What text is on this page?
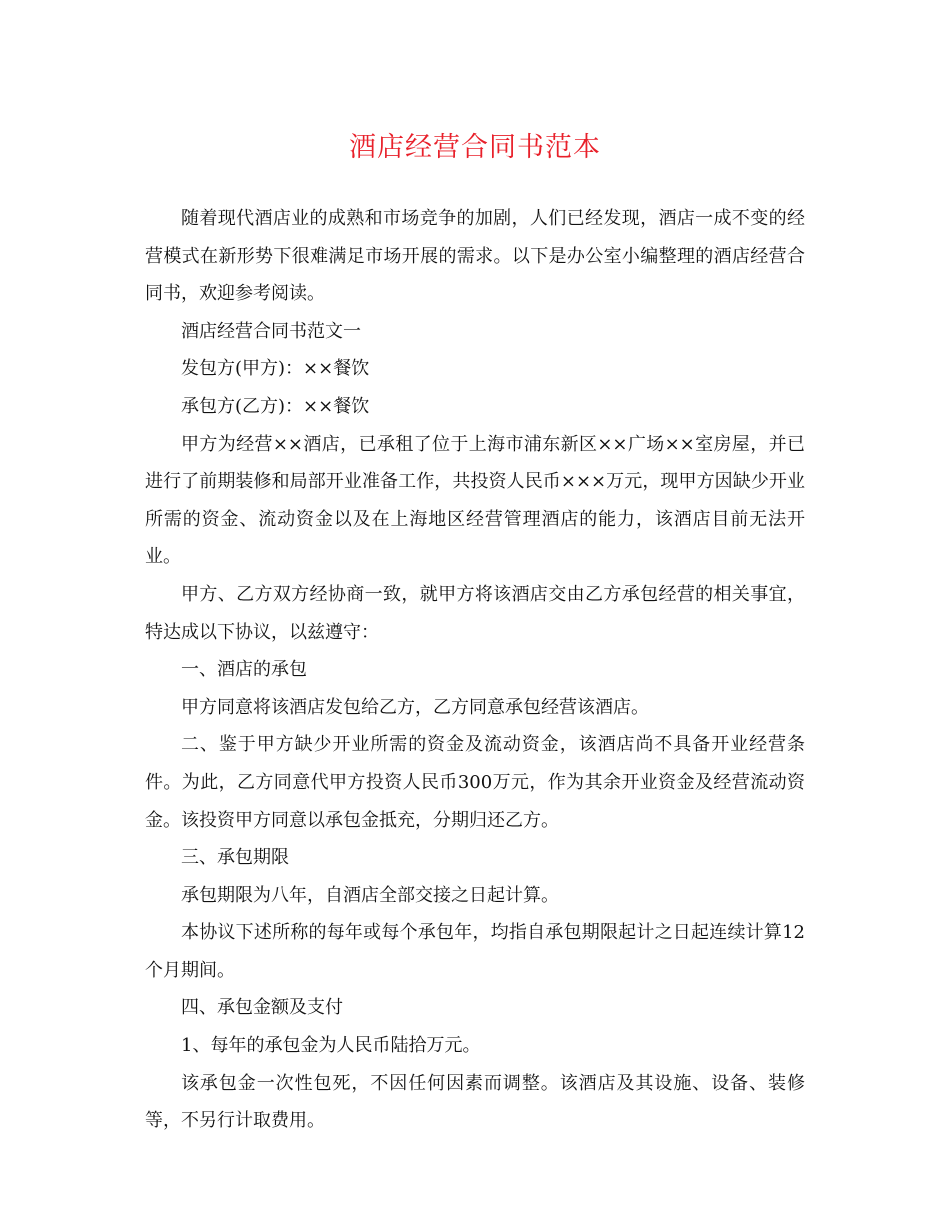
酒店经营合同书范本

随着现代酒店业的成熟和市场竞争的加剧，人们已经发现，酒店一成不变的经营模式在新形势下很难满足市场开展的需求。以下是办公室小编整理的酒店经营合同书，欢迎参考阅读。

酒店经营合同书范文一

发包方(甲方)：××餐饮

承包方(乙方)：××餐饮

甲方为经营××酒店，已承租了位于上海市浦东新区××广场××室房屋，并已进行了前期装修和局部开业准备工作，共投资人民币×××万元，现甲方因缺少开业所需的资金、流动资金以及在上海地区经营管理酒店的能力，该酒店目前无法开业。

甲方、乙方双方经协商一致，就甲方将该酒店交由乙方承包经营的相关事宜，特达成以下协议，以兹遵守：

一、酒店的承包

甲方同意将该酒店发包给乙方，乙方同意承包经营该酒店。

二、鉴于甲方缺少开业所需的资金及流动资金，该酒店尚不具备开业经营条件。为此，乙方同意代甲方投资人民币300万元，作为其余开业资金及经营流动资金。该投资甲方同意以承包金抵充，分期归还乙方。

三、承包期限

承包期限为八年，自酒店全部交接之日起计算。

本协议下述所称的每年或每个承包年，均指自承包期限起计之日起连续计算12个月期间。

四、承包金额及支付

1、每年的承包金为人民币陆拾万元。

该承包金一次性包死，不因任何因素而调整。该酒店及其设施、设备、装修等，不另行计取费用。
